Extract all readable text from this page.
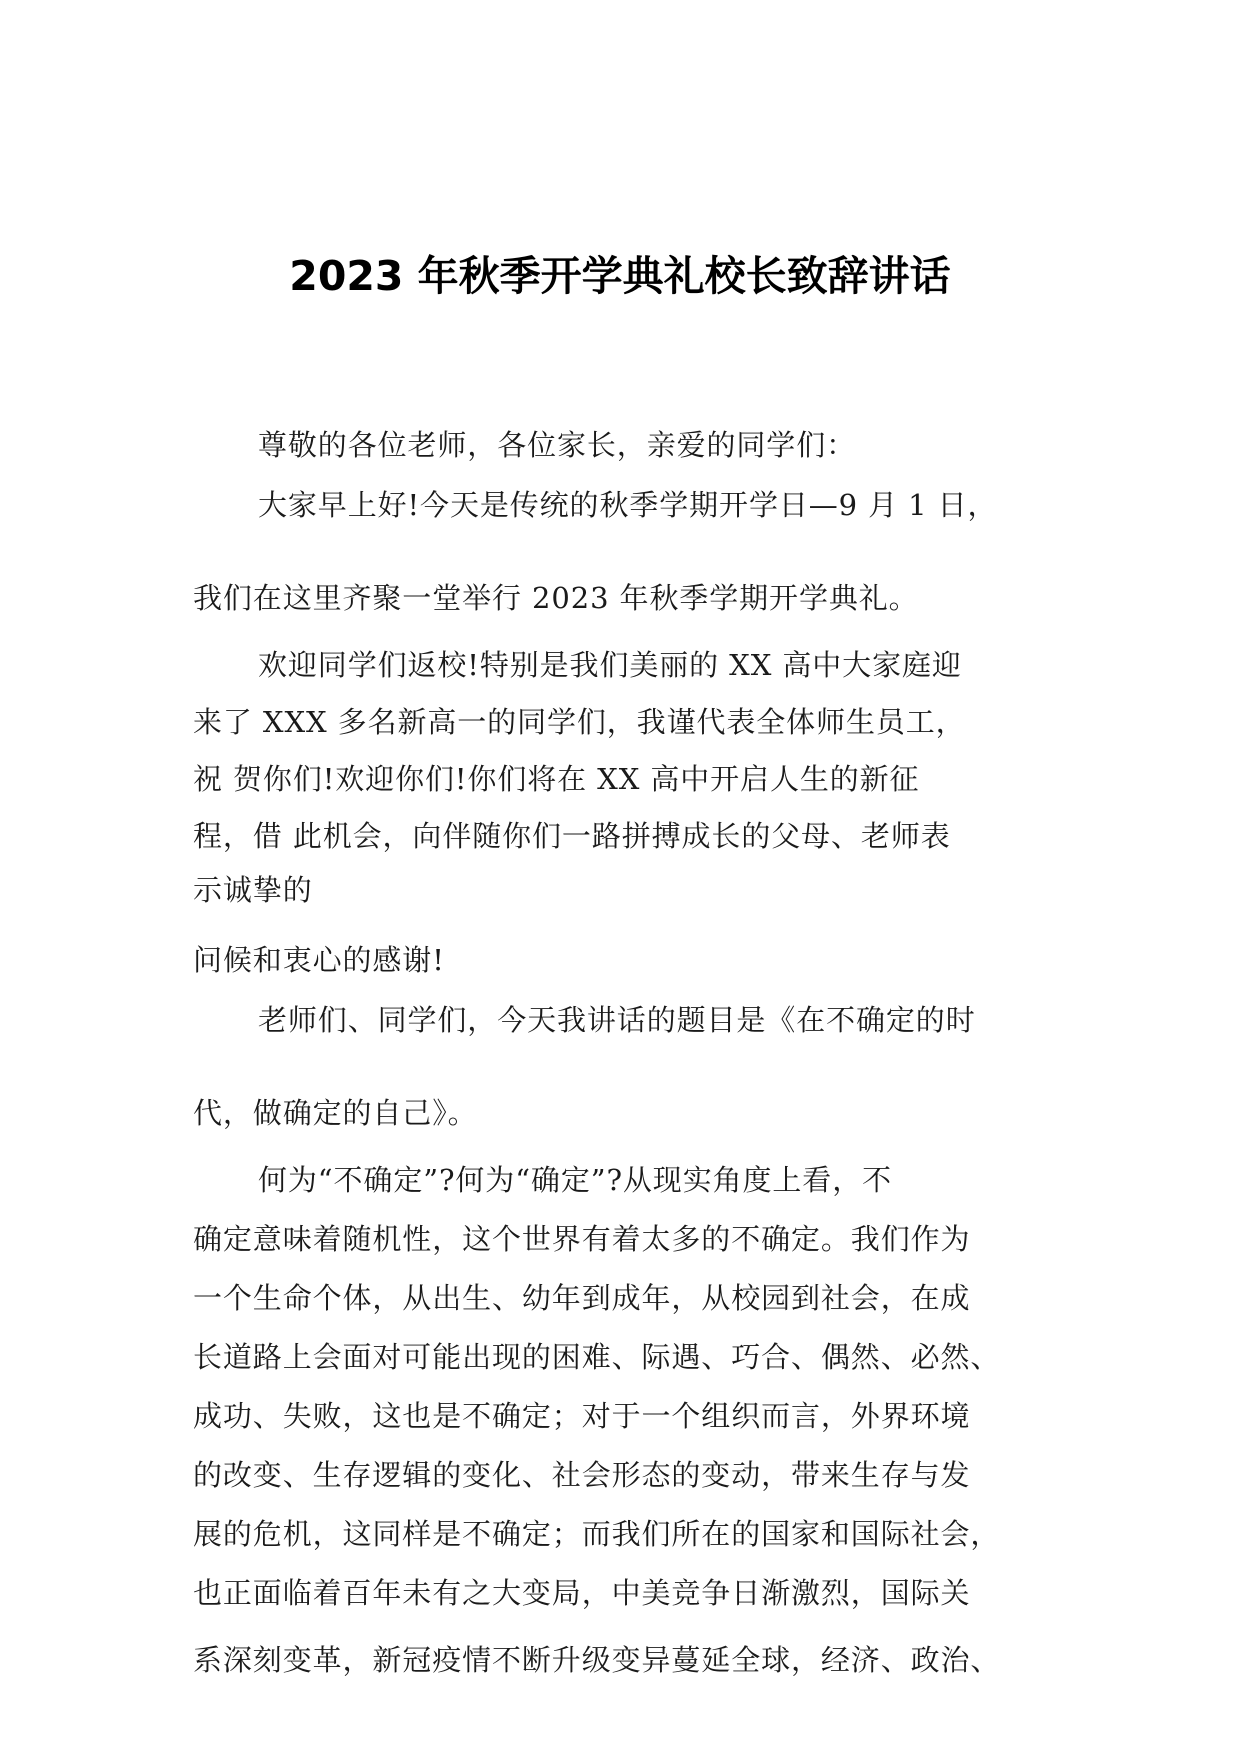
2023 年秋季开学典礼校长致辞讲话
尊敬的各位老师，各位家长，亲爱的同学们：
大家早上好!今天是传统的秋季学期开学日—9 月 1 日，
我们在这里齐聚一堂举行 2023 年秋季学期开学典礼。
欢迎同学们返校!特别是我们美丽的 XX 高中大家庭迎
来了 XXX 多名新高一的同学们，我谨代表全体师生员工，
祝 贺你们!欢迎你们!你们将在 XX 高中开启人生的新征
程，借 此机会，向伴随你们一路拼搏成长的父母、老师表
示诚挚的
问候和衷心的感谢!
老师们、同学们，今天我讲话的题目是《在不确定的时
代，做确定的自己》。
何为“不确定”?何为“确定”?从现实角度上看，不
确定意味着随机性，这个世界有着太多的不确定。我们作为
一个生命个体，从出生、幼年到成年，从校园到社会，在成
长道路上会面对可能出现的困难、际遇、巧合、偶然、必然、
成功、失败，这也是不确定；对于一个组织而言，外界环境
的改变、生存逻辑的变化、社会形态的变动，带来生存与发
展的危机，这同样是不确定；而我们所在的国家和国际社会，
也正面临着百年未有之大变局，中美竞争日渐激烈，国际关
系深刻变革，新冠疫情不断升级变异蔓延全球，经济、政治、
